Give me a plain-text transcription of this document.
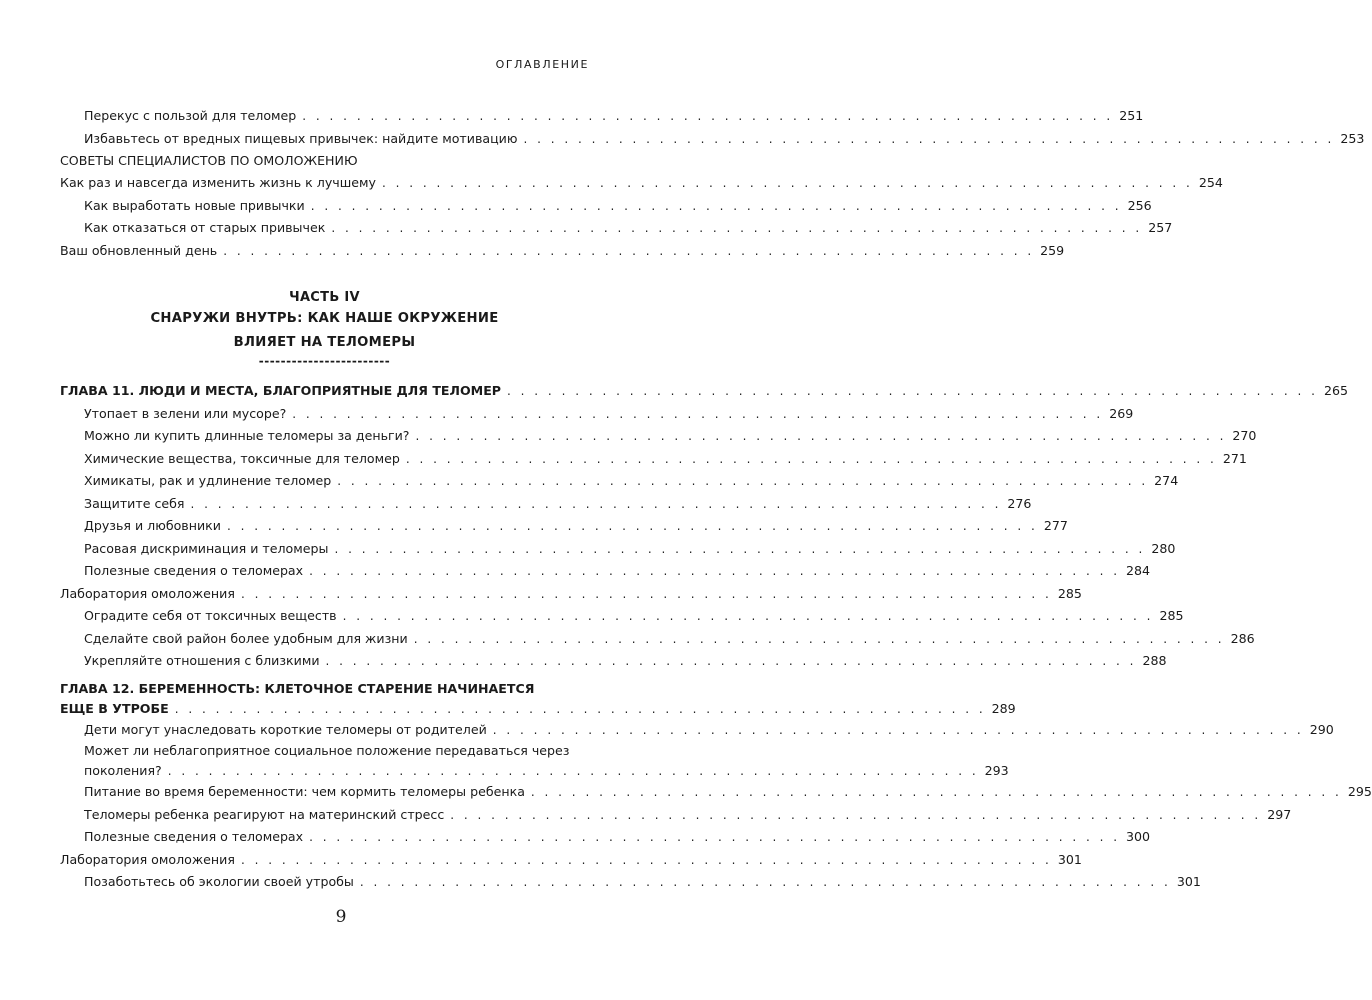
ОГЛАВЛЕНИЕ
Перекус с пользой для теломер . . . . . . . . . . . . . . . . . . . . . . . . . . . . . . . . . . . . . . . . . . . . . . . . . . . . . . . . . . . . 251
Избавьтесь от вредных пищевых привычек: найдите мотивацию . . . . . . . . . . . . . . . . . . . . . . . . . . . . . . . . . . . . . . . . . . . . . . . . . . . . . . . . . . . . 253
СОВЕТЫ СПЕЦИАЛИСТОВ ПО ОМОЛОЖЕНИЮ
Как раз и навсегда изменить жизнь к лучшему . . . . . . . . . . . . . . . . . . . . . . . . . . . . . . . . . . . . . . . . . . . . . . . . . . . . . . . . . . . . 254
Как выработать новые привычки . . . . . . . . . . . . . . . . . . . . . . . . . . . . . . . . . . . . . . . . . . . . . . . . . . . . . . . . . . . . 256
Как отказаться от старых привычек . . . . . . . . . . . . . . . . . . . . . . . . . . . . . . . . . . . . . . . . . . . . . . . . . . . . . . . . . . . . 257
Ваш обновленный день . . . . . . . . . . . . . . . . . . . . . . . . . . . . . . . . . . . . . . . . . . . . . . . . . . . . . . . . . . . . 259
ЧАСТЬ IV
СНАРУЖИ ВНУТРЬ: КАК НАШЕ ОКРУЖЕНИЕ
ВЛИЯЕТ НА ТЕЛОМЕРЫ
------------------------
ГЛАВА 11. ЛЮДИ И МЕСТА, БЛАГОПРИЯТНЫЕ ДЛЯ ТЕЛОМЕР . . . . . . . . . . . . . . . . . . . . . . . . . . . . . . . . . . . . . . . . . . . . . . . . . . . . . . . . . . . . 265
Утопает в зелени или мусоре? . . . . . . . . . . . . . . . . . . . . . . . . . . . . . . . . . . . . . . . . . . . . . . . . . . . . . . . . . . . . 269
Можно ли купить длинные теломеры за деньги? . . . . . . . . . . . . . . . . . . . . . . . . . . . . . . . . . . . . . . . . . . . . . . . . . . . . . . . . . . . . 270
Химические вещества, токсичные для теломер . . . . . . . . . . . . . . . . . . . . . . . . . . . . . . . . . . . . . . . . . . . . . . . . . . . . . . . . . . . . 271
Химикаты, рак и удлинение теломер . . . . . . . . . . . . . . . . . . . . . . . . . . . . . . . . . . . . . . . . . . . . . . . . . . . . . . . . . . . . 274
Защитите себя . . . . . . . . . . . . . . . . . . . . . . . . . . . . . . . . . . . . . . . . . . . . . . . . . . . . . . . . . . . . 276
Друзья и любовники . . . . . . . . . . . . . . . . . . . . . . . . . . . . . . . . . . . . . . . . . . . . . . . . . . . . . . . . . . . . 277
Расовая дискриминация и теломеры . . . . . . . . . . . . . . . . . . . . . . . . . . . . . . . . . . . . . . . . . . . . . . . . . . . . . . . . . . . . 280
Полезные сведения о теломерах . . . . . . . . . . . . . . . . . . . . . . . . . . . . . . . . . . . . . . . . . . . . . . . . . . . . . . . . . . . . 284
Лаборатория омоложения . . . . . . . . . . . . . . . . . . . . . . . . . . . . . . . . . . . . . . . . . . . . . . . . . . . . . . . . . . . . 285
Оградите себя от токсичных веществ . . . . . . . . . . . . . . . . . . . . . . . . . . . . . . . . . . . . . . . . . . . . . . . . . . . . . . . . . . . . 285
Сделайте свой район более удобным для жизни . . . . . . . . . . . . . . . . . . . . . . . . . . . . . . . . . . . . . . . . . . . . . . . . . . . . . . . . . . . . 286
Укрепляйте отношения с близкими . . . . . . . . . . . . . . . . . . . . . . . . . . . . . . . . . . . . . . . . . . . . . . . . . . . . . . . . . . . . 288
ГЛАВА 12. БЕРЕМЕННОСТЬ: КЛЕТОЧНОЕ СТАРЕНИЕ НАЧИНАЕТСЯ
ЕЩЕ В УТРОБЕ . . . . . . . . . . . . . . . . . . . . . . . . . . . . . . . . . . . . . . . . . . . . . . . . . . . . . . . . . . . . 289
Дети могут унаследовать короткие теломеры от родителей . . . . . . . . . . . . . . . . . . . . . . . . . . . . . . . . . . . . . . . . . . . . . . . . . . . . . . . . . . . . 290
Может ли неблагоприятное социальное положение передаваться через
поколения? . . . . . . . . . . . . . . . . . . . . . . . . . . . . . . . . . . . . . . . . . . . . . . . . . . . . . . . . . . . . 293
Питание во время беременности: чем кормить теломеры ребенка . . . . . . . . . . . . . . . . . . . . . . . . . . . . . . . . . . . . . . . . . . . . . . . . . . . . . . . . . . . . 295
Теломеры ребенка реагируют на материнский стресс . . . . . . . . . . . . . . . . . . . . . . . . . . . . . . . . . . . . . . . . . . . . . . . . . . . . . . . . . . . . 297
Полезные сведения о теломерах . . . . . . . . . . . . . . . . . . . . . . . . . . . . . . . . . . . . . . . . . . . . . . . . . . . . . . . . . . . . 300
Лаборатория омоложения . . . . . . . . . . . . . . . . . . . . . . . . . . . . . . . . . . . . . . . . . . . . . . . . . . . . . . . . . . . . 301
Позаботьтесь об экологии своей утробы . . . . . . . . . . . . . . . . . . . . . . . . . . . . . . . . . . . . . . . . . . . . . . . . . . . . . . . . . . . . 301
9
